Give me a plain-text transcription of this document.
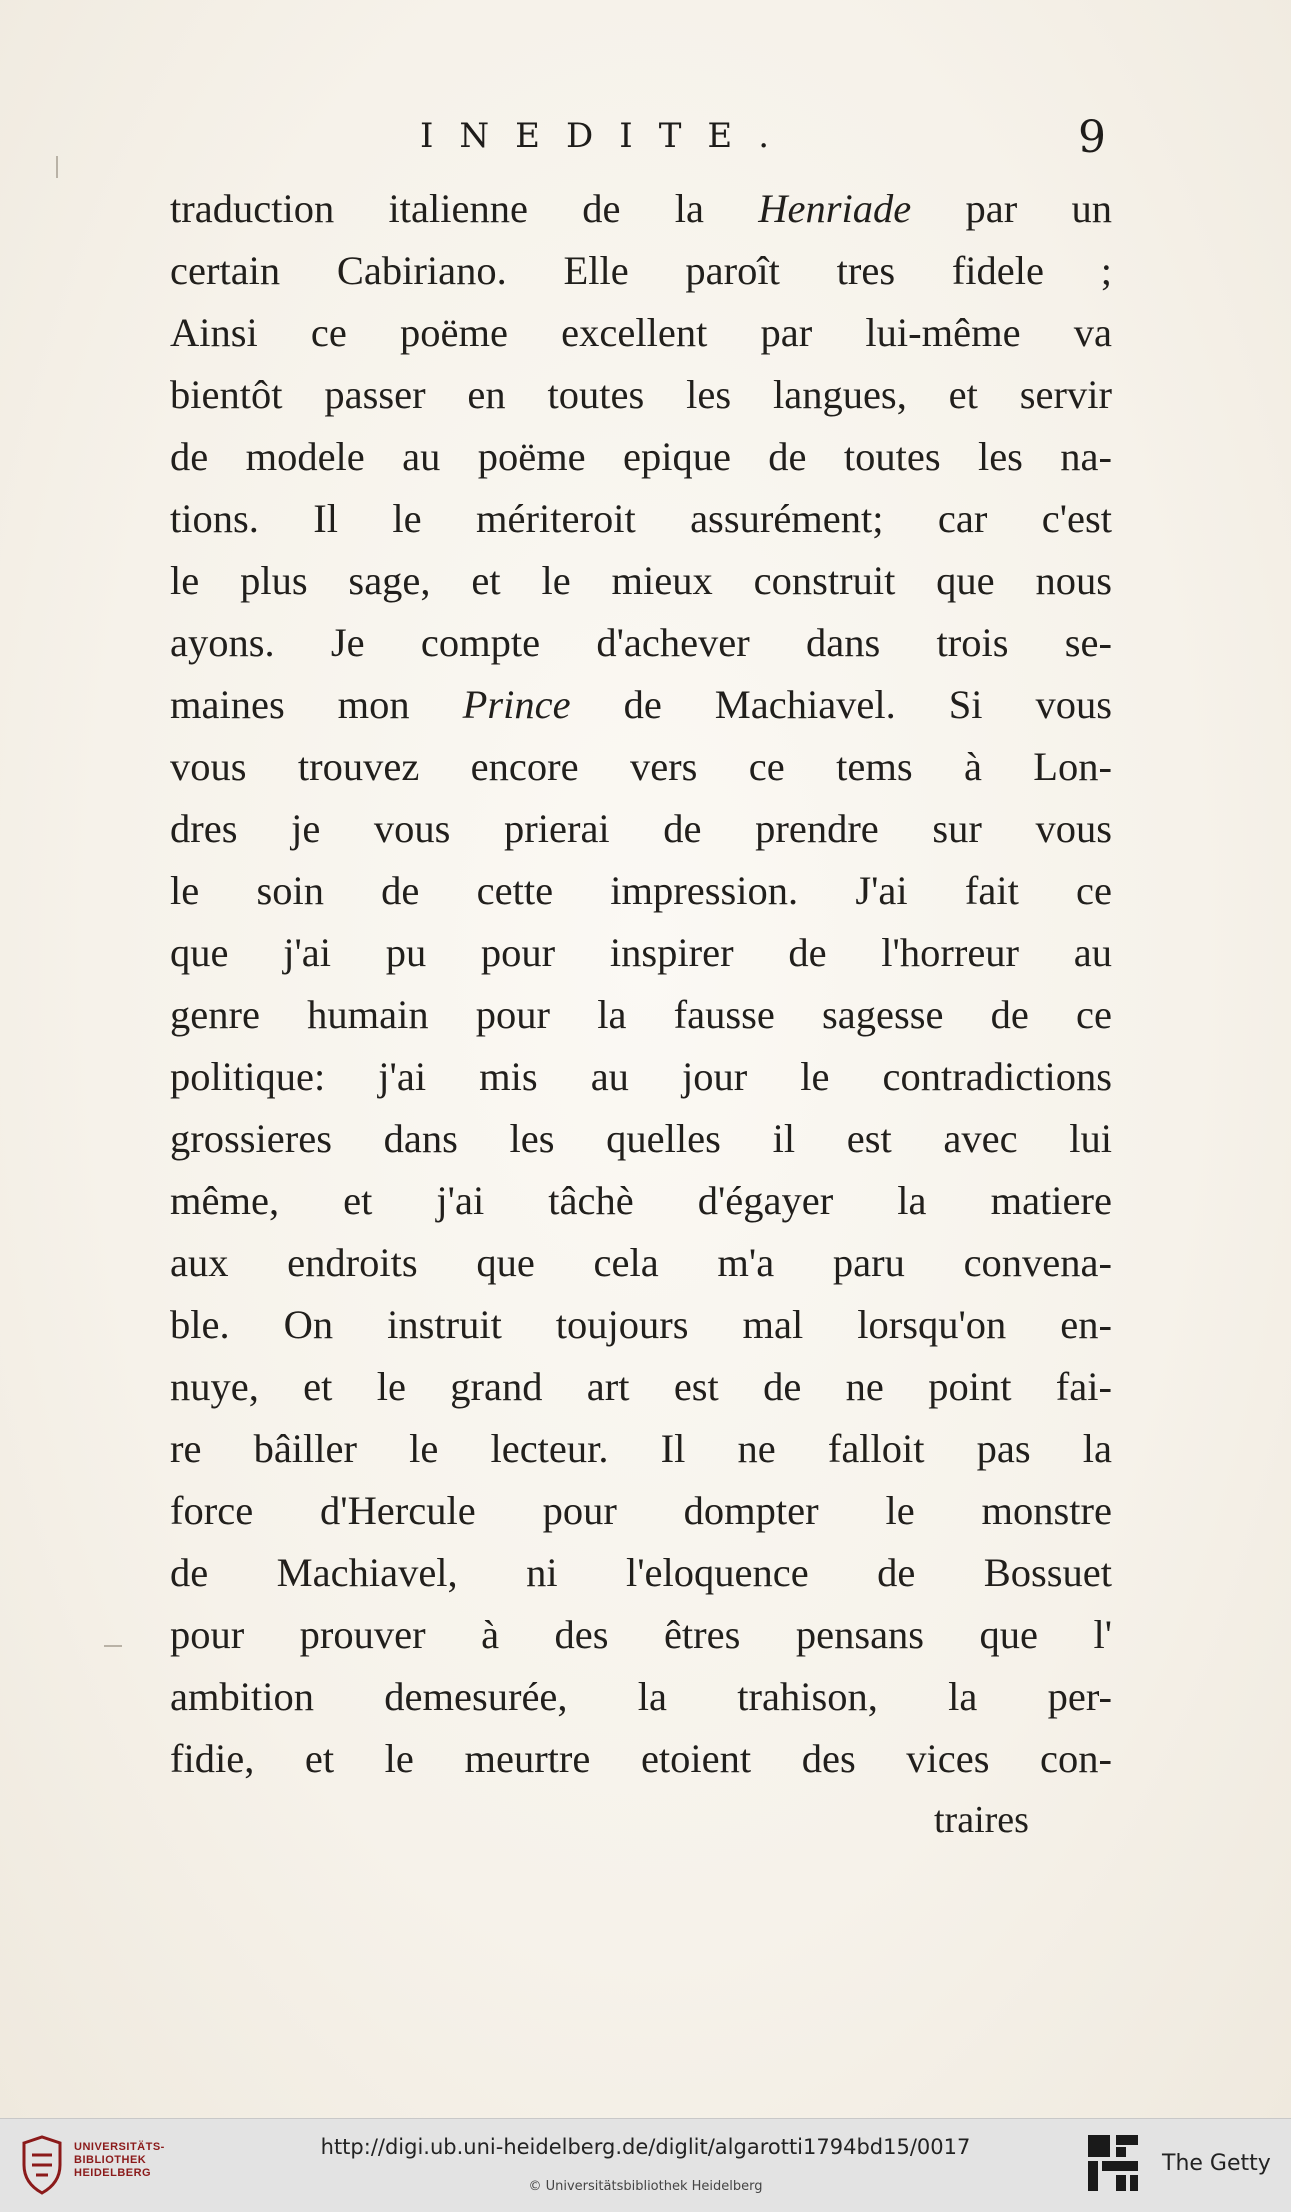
INEDITE.	9
traduction italienne de la Henriade par un
certain Cabiriano. Elle paroît tres fidele ;
Ainsi ce poëme excellent par lui-même va
bientôt passer en toutes les langues, et servir
de modele au poëme epique de toutes les na-
tions. Il le mériteroit assurément; car c'est
le plus sage, et le mieux construit que nous
ayons. Je compte d'achever dans trois se-
maines mon Prince de Machiavel. Si vous
vous trouvez encore vers ce tems à Lon-
dres je vous prierai de prendre sur vous
le soin de cette impression. J'ai fait ce
que j'ai pu pour inspirer de l'horreur au
genre humain pour la fausse sagesse de ce
politique: j'ai mis au jour le contradictions
grossieres dans les quelles il est avec lui
même, et j'ai tâchè d'égayer la matiere
aux endroits que cela m'a paru convena-
ble. On instruit toujours mal lorsqu'on en-
nuye, et le grand art est de ne point fai-
re bâiller le lecteur. Il ne falloit pas la
force d'Hercule pour dompter le monstre
de Machiavel, ni l'eloquence de Bossuet
pour prouver à des êtres pensans que l'
ambition demesurée, la trahison, la per-
fidie, et le meurtre etoient des vices con-
traires
UNIVERSITÄTS-
BIBLIOTHEK
HEIDELBERG
http://digi.ub.uni-heidelberg.de/diglit/algarotti1794bd15/0017
© Universitätsbibliothek Heidelberg
The Getty
